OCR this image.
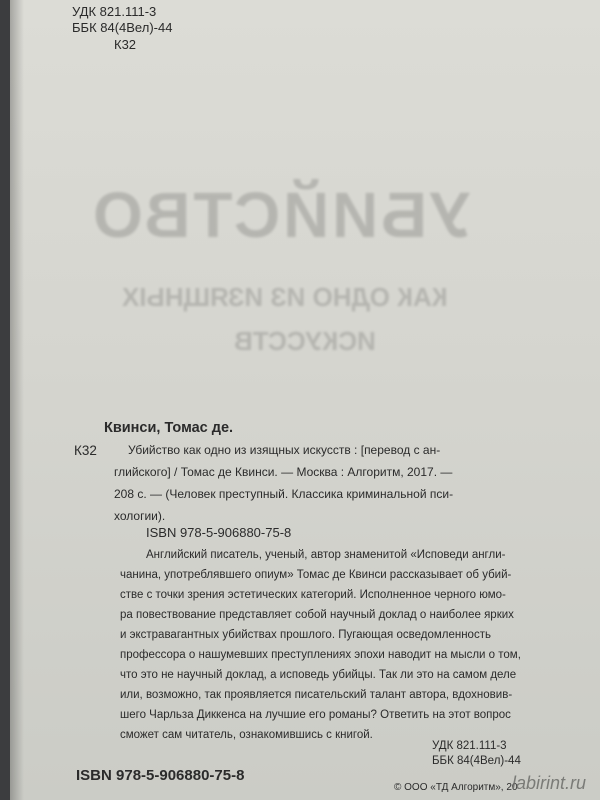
УБИЙСТВО
КАК ОДНО ИЗ ИЗЯЩНЫХ
ИСКУССТВ
УДК 821.111-3
ББК 84(4Вел)-44
К32
Квинси, Томас де.
К32	Убийство как одно из изящных искусств : [перевод с ан-
глийского] / Томас де Квинси. — Москва : Алгоритм, 2017. —
208 с. — (Человек преступный. Классика криминальной пси-
хологии).
ISBN 978-5-906880-75-8
Английский писатель, ученый, автор знаменитой «Исповеди англи-
чанина, употреблявшего опиум» Томас де Квинси рассказывает об убий-
стве с точки зрения эстетических категорий. Исполненное черного юмо-
ра повествование представляет собой научный доклад о наиболее ярких
и экстравагантных убийствах прошлого. Пугающая осведомленность
профессора о нашумевших преступлениях эпохи наводит на мысли о том,
что это не научный доклад, а исповедь убийцы. Так ли это на самом деле
или, возможно, так проявляется писательский талант автора, вдохновив-
шего Чарльза Диккенса на лучшие его романы? Ответить на этот вопрос
сможет сам читатель, ознакомившись с книгой.
УДК 821.111-3
ББК 84(4Вел)-44
ISBN 978-5-906880-75-8
© ООО «ТД Алгоритм», 20
labirint.ru
